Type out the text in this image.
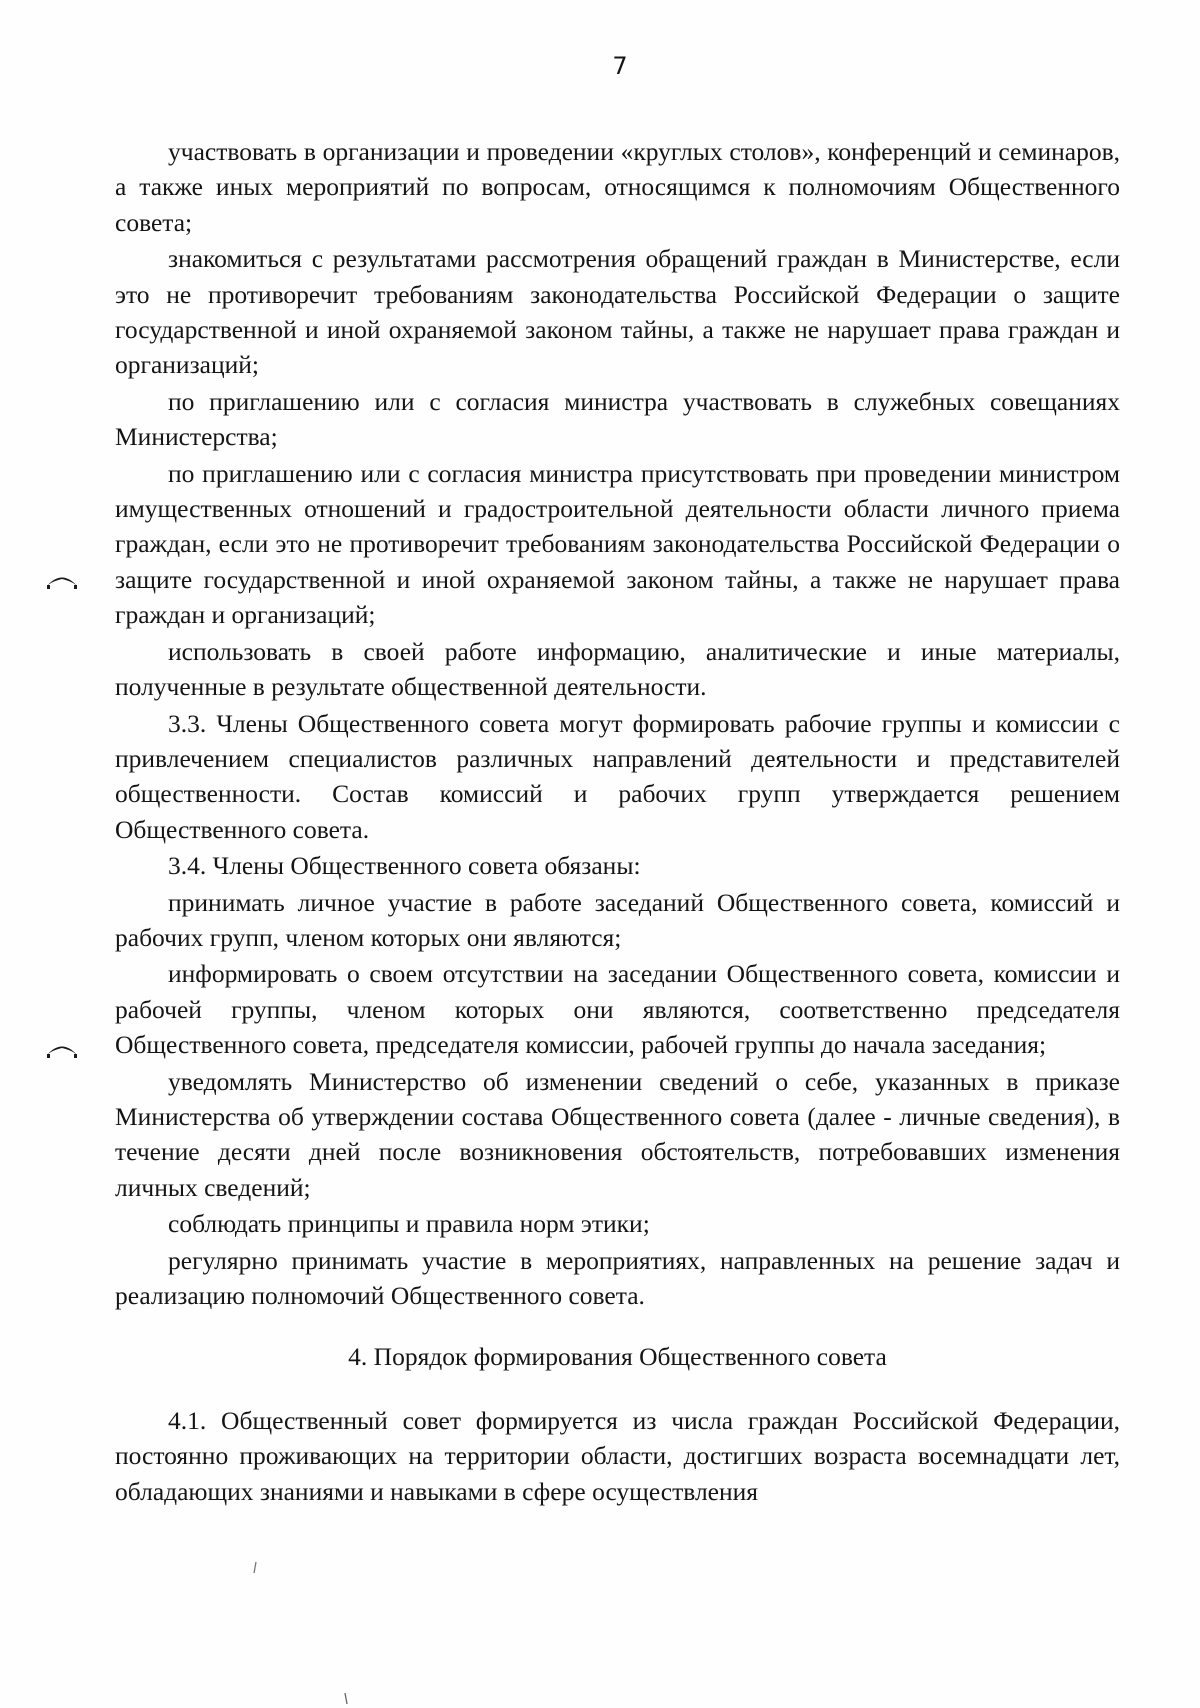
7

участвовать в организации и проведении «круглых столов», конференций и семинаров, а также иных мероприятий по вопросам, относящимся к полномочиям Общественного совета;

знакомиться с результатами рассмотрения обращений граждан в Министерстве, если это не противоречит требованиям законодательства Российской Федерации о защите государственной и иной охраняемой законом тайны, а также не нарушает права граждан и организаций;

по приглашению или с согласия министра участвовать в служебных совещаниях Министерства;

по приглашению или с согласия министра присутствовать при проведении министром имущественных отношений и градостроительной деятельности области личного приема граждан, если это не противоречит требованиям законодательства Российской Федерации о защите государственной и иной охраняемой законом тайны, а также не нарушает права граждан и организаций;

использовать в своей работе информацию, аналитические и иные материалы, полученные в результате общественной деятельности.

3.3. Члены Общественного совета могут формировать рабочие группы и комиссии с привлечением специалистов различных направлений деятельности и представителей общественности. Состав комиссий и рабочих групп утверждается решением Общественного совета.

3.4. Члены Общественного совета обязаны:

принимать личное участие в работе заседаний Общественного совета, комиссий и рабочих групп, членом которых они являются;

информировать о своем отсутствии на заседании Общественного совета, комиссии и рабочей группы, членом которых они являются, соответственно председателя Общественного совета, председателя комиссии, рабочей группы до начала заседания;

уведомлять Министерство об изменении сведений о себе, указанных в приказе Министерства об утверждении состава Общественного совета (далее - личные сведения), в течение десяти дней после возникновения обстоятельств, потребовавших изменения личных сведений;

соблюдать принципы и правила норм этики;

регулярно принимать участие в мероприятиях, направленных на решение задач и реализацию полномочий Общественного совета.

4. Порядок формирования Общественного совета

4.1. Общественный совет формируется из числа граждан Российской Федерации, постоянно проживающих на территории области, достигших возраста восемнадцати лет, обладающих знаниями и навыками в сфере осуществления
